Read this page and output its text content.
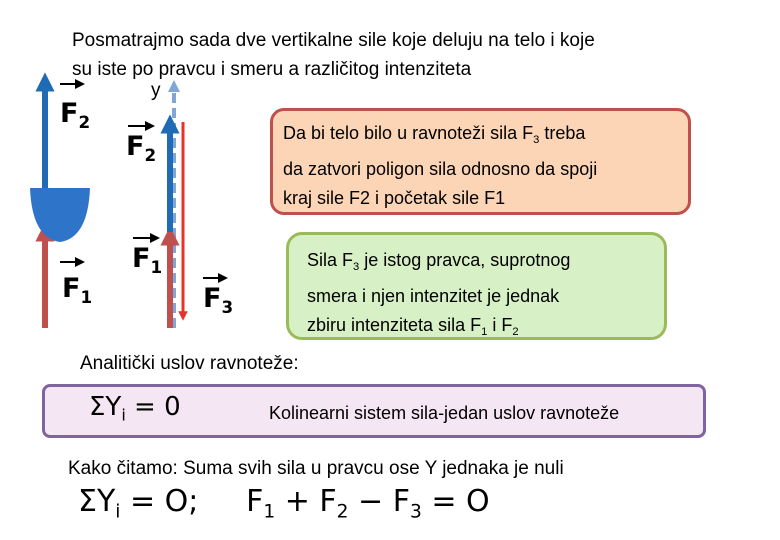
Posmatrajmo sada dve vertikalne sile koje deluju na telo i koje
su iste po pravcu i smeru a različitog intenziteta
y
$F_2$
$F_1$
$F_2$
$F_1$
$F_3$
Da bi telo bilo u ravnoteži sila $F_3$ treba
da zatvori poligon sila odnosno da spoji
kraj sile F2 i početak sile F1
Sila $F_3$ je istog pravca, suprotnog
smera i njen intenzitet je jednak
zbiru intenziteta sila $F_1$ i $F_2$
Analitički uslov ravnoteže:
$\Sigma Y_i = 0$	Kolinearni sistem sila-jedan uslov ravnoteže
Kako čitamo: Suma svih sila u pravcu ose Y jednaka je nuli
$\Sigma Y_i = O$;     $F_1 + F_2 - F_3 = O$
